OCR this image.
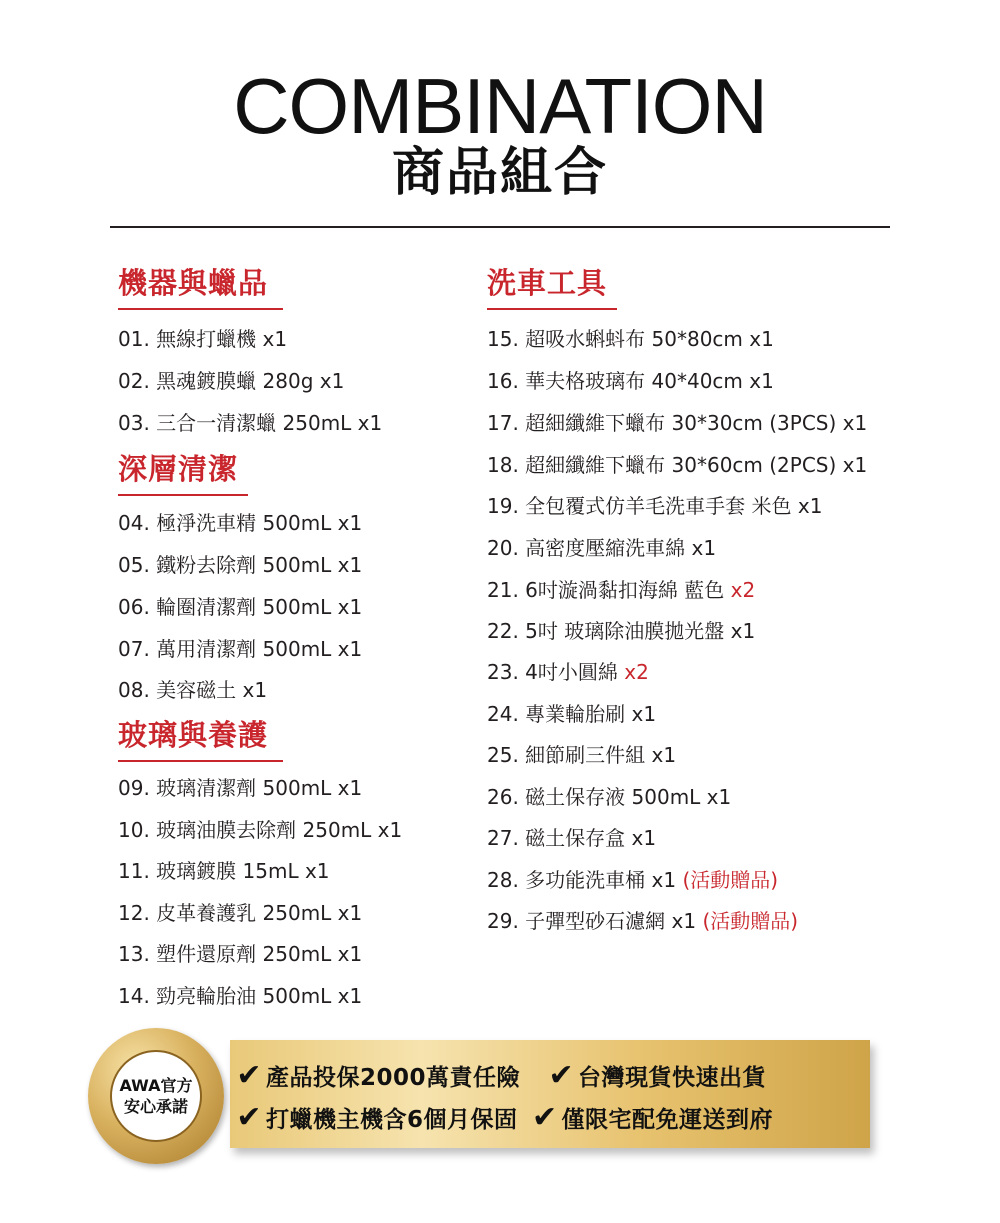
COMBINATION
商品組合
機器與蠟品
01. 無線打蠟機 x1
02. 黑魂鍍膜蠟 280g x1
03. 三合一清潔蠟 250mL x1
深層清潔
04. 極淨洗車精 500mL x1
05. 鐵粉去除劑 500mL x1
06. 輪圈清潔劑 500mL x1
07. 萬用清潔劑 500mL x1
08. 美容磁土 x1
玻璃與養護
09. 玻璃清潔劑 500mL x1
10. 玻璃油膜去除劑 250mL x1
11. 玻璃鍍膜 15mL x1
12. 皮革養護乳 250mL x1
13. 塑件還原劑 250mL x1
14. 勁亮輪胎油 500mL x1
洗車工具
15. 超吸水蝌蚪布 50*80cm x1
16. 華夫格玻璃布 40*40cm x1
17. 超細纖維下蠟布 30*30cm (3PCS) x1
18. 超細纖維下蠟布 30*60cm (2PCS) x1
19. 全包覆式仿羊毛洗車手套 米色 x1
20. 高密度壓縮洗車綿 x1
21. 6吋漩渦黏扣海綿 藍色 x2
22. 5吋 玻璃除油膜拋光盤 x1
23. 4吋小圓綿 x2
24. 專業輪胎刷 x1
25. 細節刷三件組 x1
26. 磁土保存液 500mL x1
27. 磁土保存盒 x1
28. 多功能洗車桶 x1 (活動贈品)
29. 子彈型砂石濾網 x1 (活動贈品)
✔ 產品投保2000萬責任險 ✔ 台灣現貨快速出貨
✔ 打蠟機主機含6個月保固 ✔ 僅限宅配免運送到府
AWA官方
安心承諾
